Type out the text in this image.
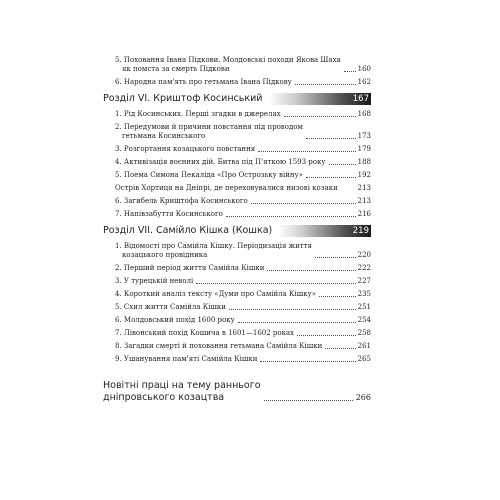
5. Поховання Івана Підкови. Молдовські походи Якова Шаха
як помста за смерть Підкови	160
6. Народна пам'ять про гетьмана Івана Підкову	162
Розділ VI. Криштоф Косинський	167
1. Рід Косинських. Перші згадки в джерелах	168
2. Передумови й причини повстання під проводом
гетьмана Косинського	173
3. Розгортання козацького повстання	179
4. Активізація воєнних дій. Битва під П'яткою 1593 року	188
5. Поема Симона Пекаліда «Про Острозьку війну»	192
Острів Хортиця на Дніпрі, де переховувалися низові козаки	213
6. Загибель Криштофа Косинського	213
7. Напівзабуття Косинського	216
Розділ VII. Самійло Кішка (Кошка)	219
1. Відомості про Самійла Кішку. Періодизація життя
козацького провідника	220
2. Перший період життя Самійла Кішки	222
3. У турецькій неволі	227
4. Короткий аналіз тексту «Думи про Самійла Кішку»	235
5. Схил життя Самійла Кішки	251
6. Молдовський похід 1600 року	254
7. Лівонський похід Кошича в 1601—1602 роках	258
8. Загадки смерті й поховання гетьмана Самійла Кішки	261
9. Ушанування пам'яті Самійла Кішки	265
Новітні праці на тему раннього
дніпровського козацтва	266
